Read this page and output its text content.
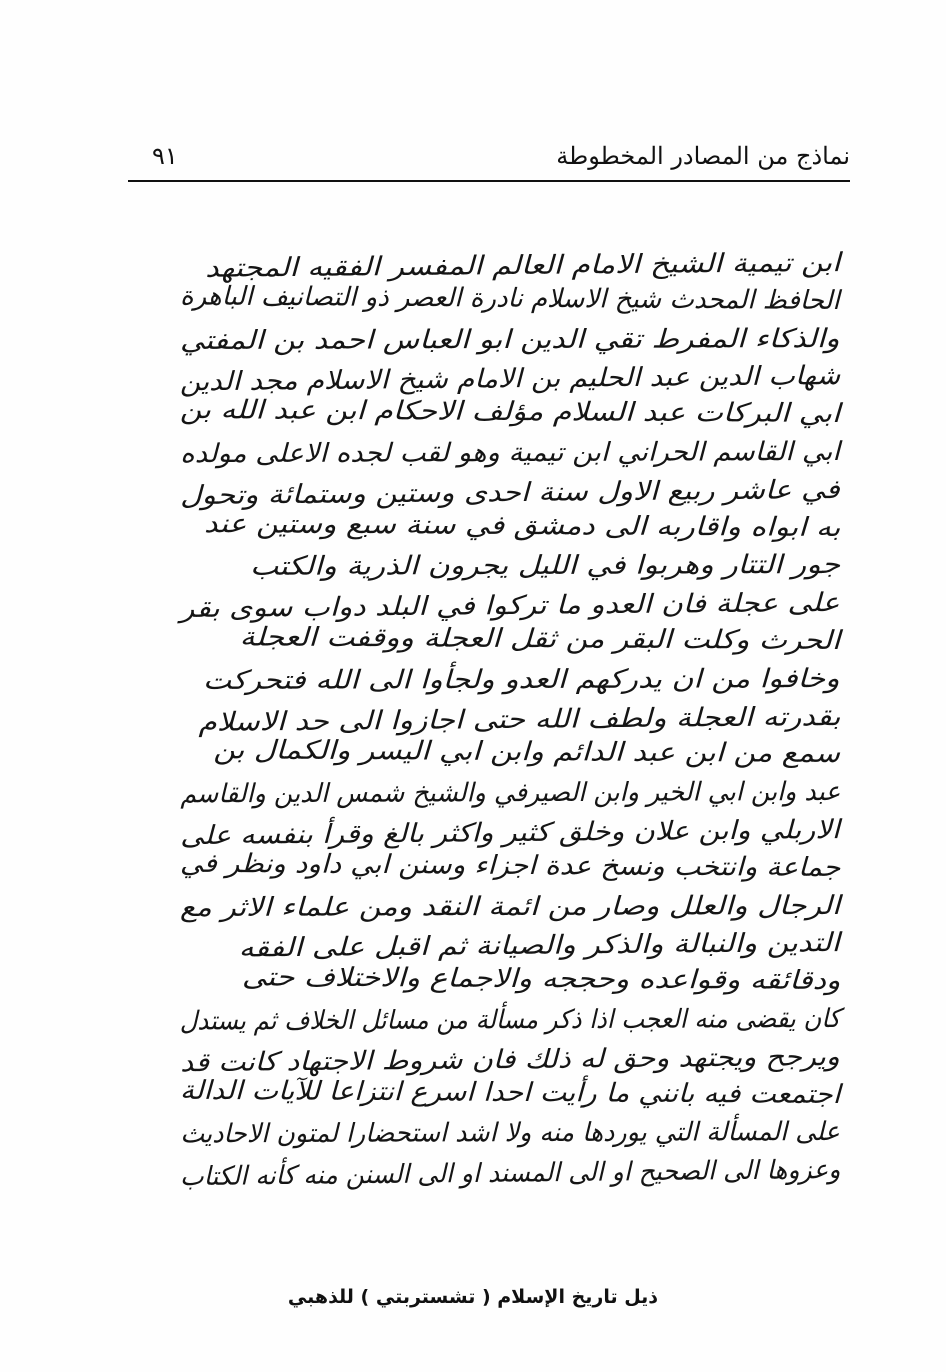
نماذج من المصادر المخطوطة
٩١
ابن تيمية الشيخ الامام العالم المفسر الفقيه المجتهد
الحافظ المحدث شيخ الاسلام نادرة العصر ذو التصانيف الباهرة
والذكاء المفرط تقي الدين ابو العباس احمد بن المفتي
شهاب الدين عبد الحليم بن الامام شيخ الاسلام مجد الدين
ابي البركات عبد السلام مؤلف الاحكام ابن عبد الله بن
ابي القاسم الحراني ابن تيمية وهو لقب لجده الاعلى مولده
في عاشر ربيع الاول سنة احدى وستين وستمائة وتحول
به ابواه واقاربه الى دمشق في سنة سبع وستين عند
جور التتار وهربوا في الليل يجرون الذرية والكتب
على عجلة فان العدو ما تركوا في البلد دواب سوى بقر
الحرث وكلت البقر من ثقل العجلة ووقفت العجلة
وخافوا من ان يدركهم العدو ولجأوا الى الله فتحركت
بقدرته العجلة ولطف الله حتى اجازوا الى حد الاسلام
سمع من ابن عبد الدائم وابن ابي اليسر والكمال بن
عبد وابن ابي الخير وابن الصيرفي والشيخ شمس الدين والقاسم
الاربلي وابن علان وخلق كثير واكثر بالغ وقرأ بنفسه على
جماعة وانتخب ونسخ عدة اجزاء وسنن ابي داود ونظر في
الرجال والعلل وصار من ائمة النقد ومن علماء الاثر مع
التدين والنبالة والذكر والصيانة ثم اقبل على الفقه
ودقائقه وقواعده وحججه والاجماع والاختلاف حتى
كان يقضى منه العجب اذا ذكر مسألة من مسائل الخلاف ثم يستدل
ويرجح ويجتهد وحق له ذلك فان شروط الاجتهاد كانت قد
اجتمعت فيه بانني ما رأيت احدا اسرع انتزاعا للآيات الدالة
على المسألة التي يوردها منه ولا اشد استحضارا لمتون الاحاديث
وعزوها الى الصحيح او الى المسند او الى السنن منه كأنه الكتاب
ذيل تاريخ الإسلام ( تشستربتي ) للذهبي
